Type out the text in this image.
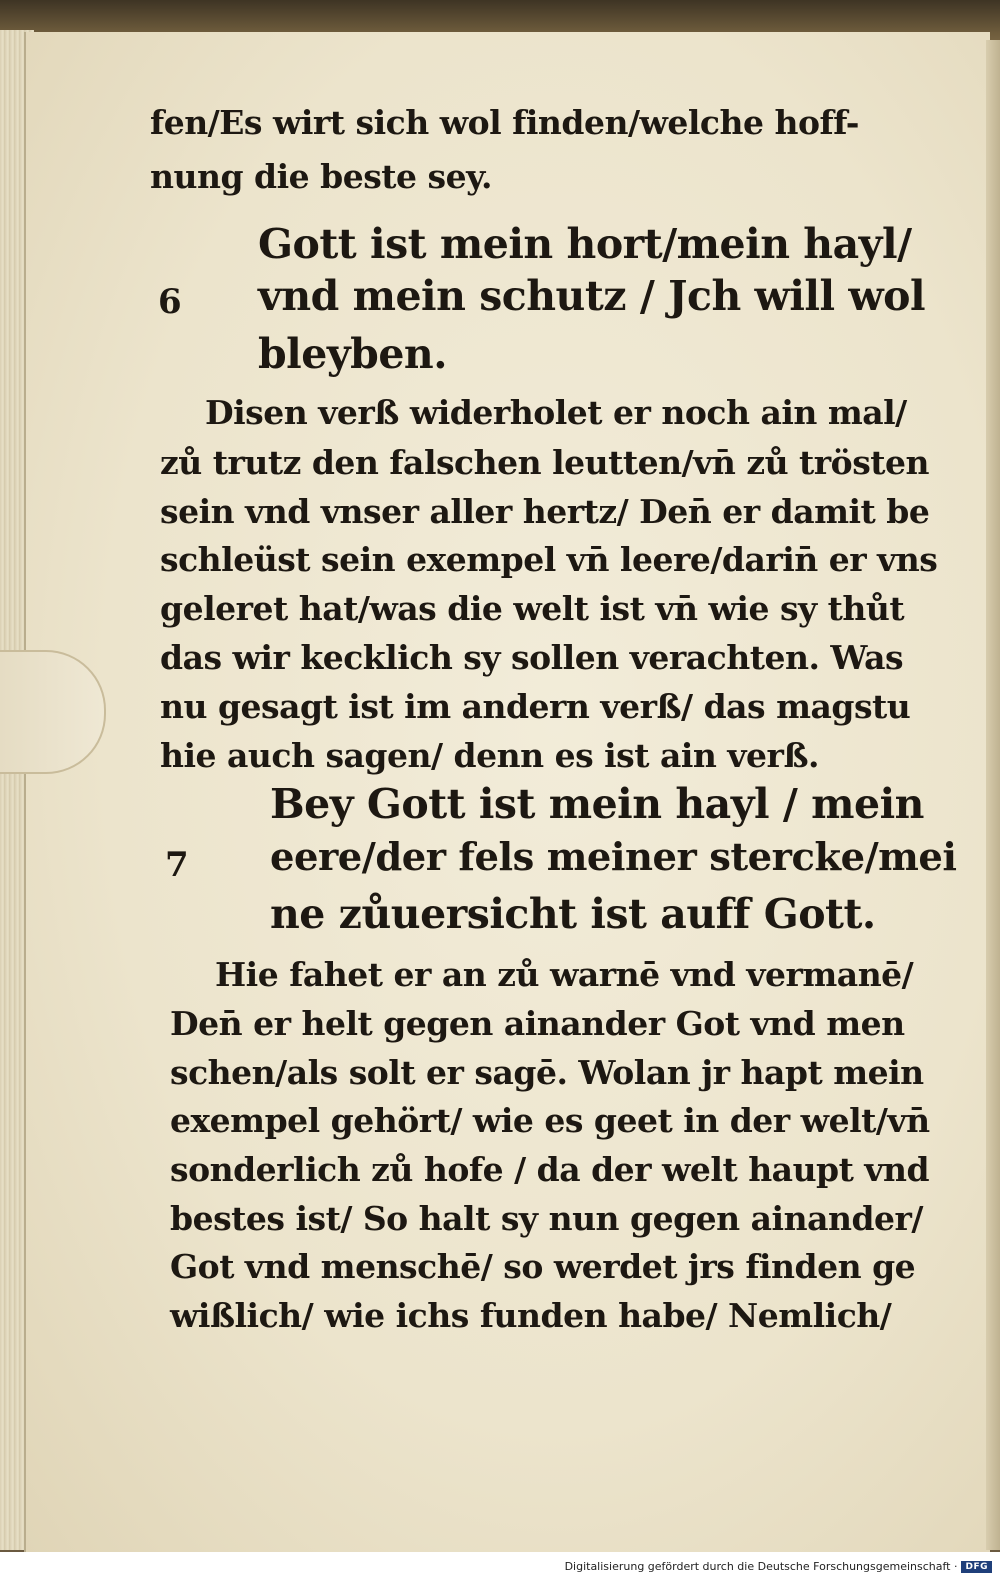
fen/Es wirt sich wol finden/welche hoff-
nung die beste sey.
Gott ist mein hort/mein hayl/
6 vnd mein schutz / Jch will wol
bleyben.
Disen verß widerholet er noch ain mal/
zů trutz den falschen leutten/vn̄ zů trösten
sein vnd vnser aller hertz/ Den̄ er damit be
schleüst sein exempel vn̄ leere/darin̄ er vns
geleret hat/was die welt ist vn̄ wie sy thůt
das wir kecklich sy sollen verachten. Was
nu gesagt ist im andern verß/ das magstu
hie auch sagen/ denn es ist ain verß.
Bey Gott ist mein hayl / mein
7 eere/der fels meiner stercke/mei
ne zůuersicht ist auff Gott.
Hie fahet er an zů warnē vnd vermanē/
Den̄ er helt gegen ainander Got vnd men
schen/als solt er sagē. Wolan jr hapt mein
exempel gehört/ wie es geet in der welt/vn̄
sonderlich zů hofe / da der welt haupt vnd
bestes ist/ So halt sy nun gegen ainander/
Got vnd menschē/ so werdet jrs finden ge
wißlich/ wie ichs funden habe/ Nemlich/
Digitalisierung gefördert durch die Deutsche Forschungsgemeinschaft · DFG
